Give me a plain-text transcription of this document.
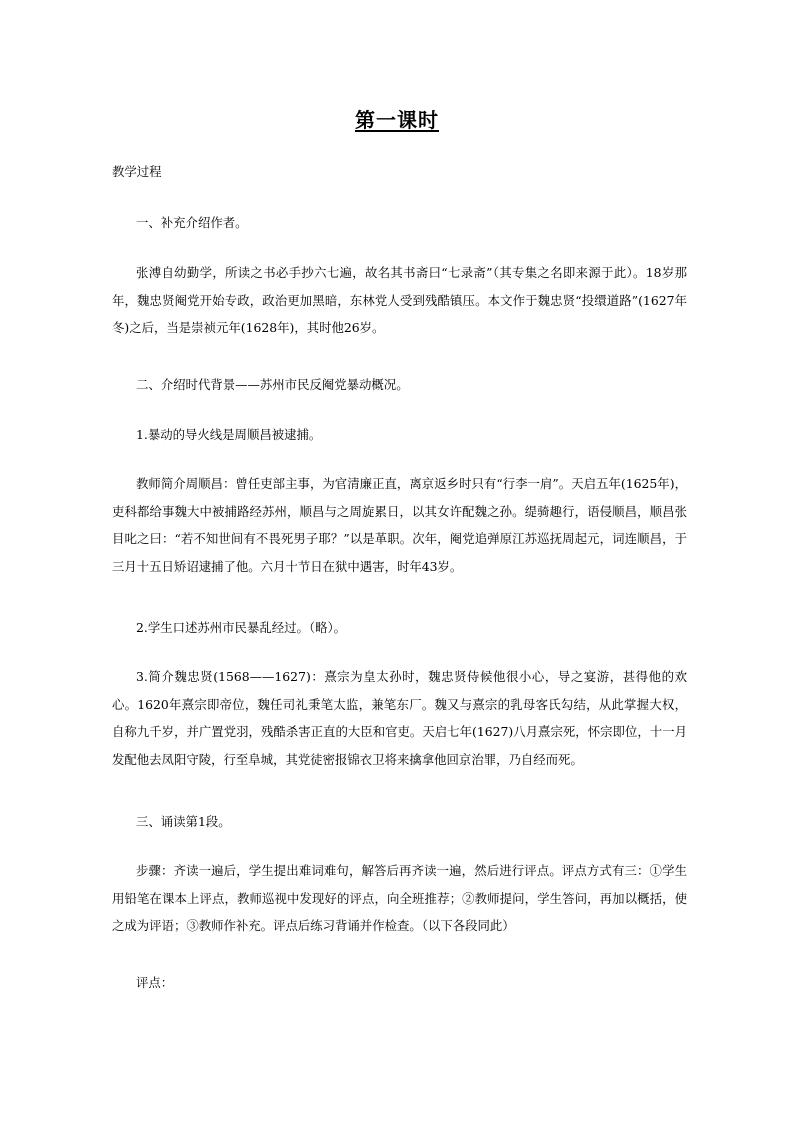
第一课时
教学过程
一、补充介绍作者。
张溥自幼勤学，所读之书必手抄六七遍，故名其书斋曰“七录斋”（其专集之名即来源于此）。18岁那年，魏忠贤阉党开始专政，政治更加黑暗，东林党人受到残酷镇压。本文作于魏忠贤“投缳道路”(1627年冬)之后，当是崇祯元年(1628年)，其时他26岁。
二、介绍时代背景——苏州市民反阉党暴动概况。
1.暴动的导火线是周顺昌被逮捕。
教师简介周顺昌：曾任吏部主事，为官清廉正直，离京返乡时只有“行李一肩”。天启五年(1625年)，吏科都给事魏大中被捕路经苏州，顺昌与之周旋累日，以其女许配魏之孙。缇骑趣行，语侵顺昌，顺昌张目叱之曰：“若不知世间有不畏死男子耶？”以是革职。次年，阉党追弹原江苏巡抚周起元，词连顺昌，于三月十五日矫诏逮捕了他。六月十节日在狱中遇害，时年43岁。
2.学生口述苏州市民暴乱经过。（略）。
3.简介魏忠贤(1568——1627)：熹宗为皇太孙时，魏忠贤侍候他很小心，导之宴游，甚得他的欢心。1620年熹宗即帝位，魏任司礼秉笔太监，兼笔东厂。魏又与熹宗的乳母客氏勾结，从此掌握大权，自称九千岁，并广置党羽，残酷杀害正直的大臣和官吏。天启七年(1627)八月熹宗死，怀宗即位，十一月发配他去凤阳守陵，行至阜城，其党徒密报锦衣卫将来擒拿他回京治罪，乃自经而死。
三、诵读第1段。
步骤：齐读一遍后，学生提出难词难句，解答后再齐读一遍，然后进行评点。评点方式有三：①学生用铅笔在课本上评点，教师巡视中发现好的评点，向全班推荐；②教师提问，学生答问，再加以概括，使之成为评语；③教师作补充。评点后练习背诵并作检查。（以下各段同此）
评点：
